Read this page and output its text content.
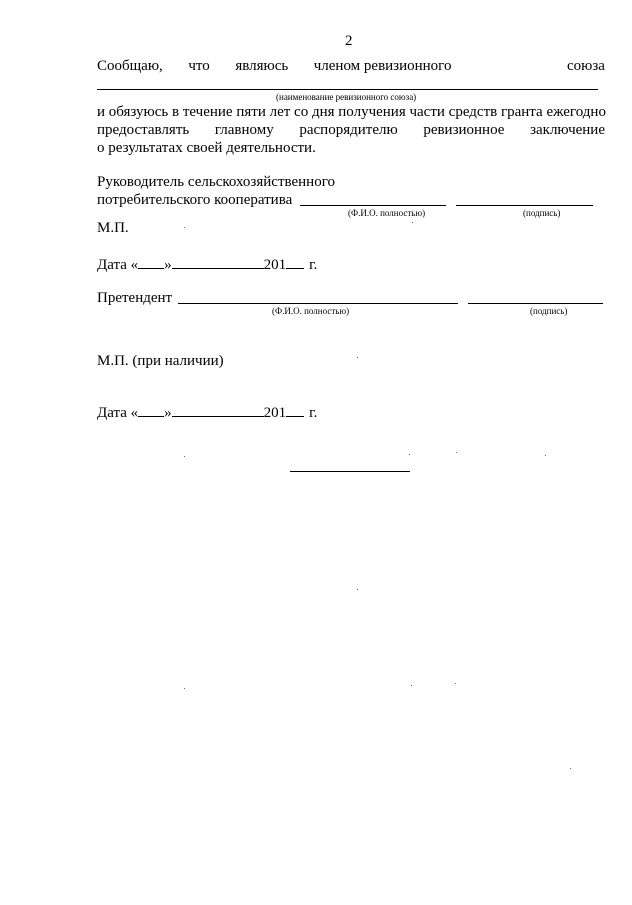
2
Сообщаю, что являюсь членом ревизионного	союза
(наименование ревизионного союза)
и обязуюсь в течение пяти лет со дня получения части средств гранта ежегодно
предоставлять главному распорядителю ревизионное заключение
о результатах своей деятельности.
Руководитель сельскохозяйственного
потребительского кооператива
(Ф.И.О. полностью)	(подпись)
М.П.
Дата « »	201 г.
Претендент
(Ф.И.О. полностью)	(подпись)
М.П. (при наличии)
Дата « »	201 г.
